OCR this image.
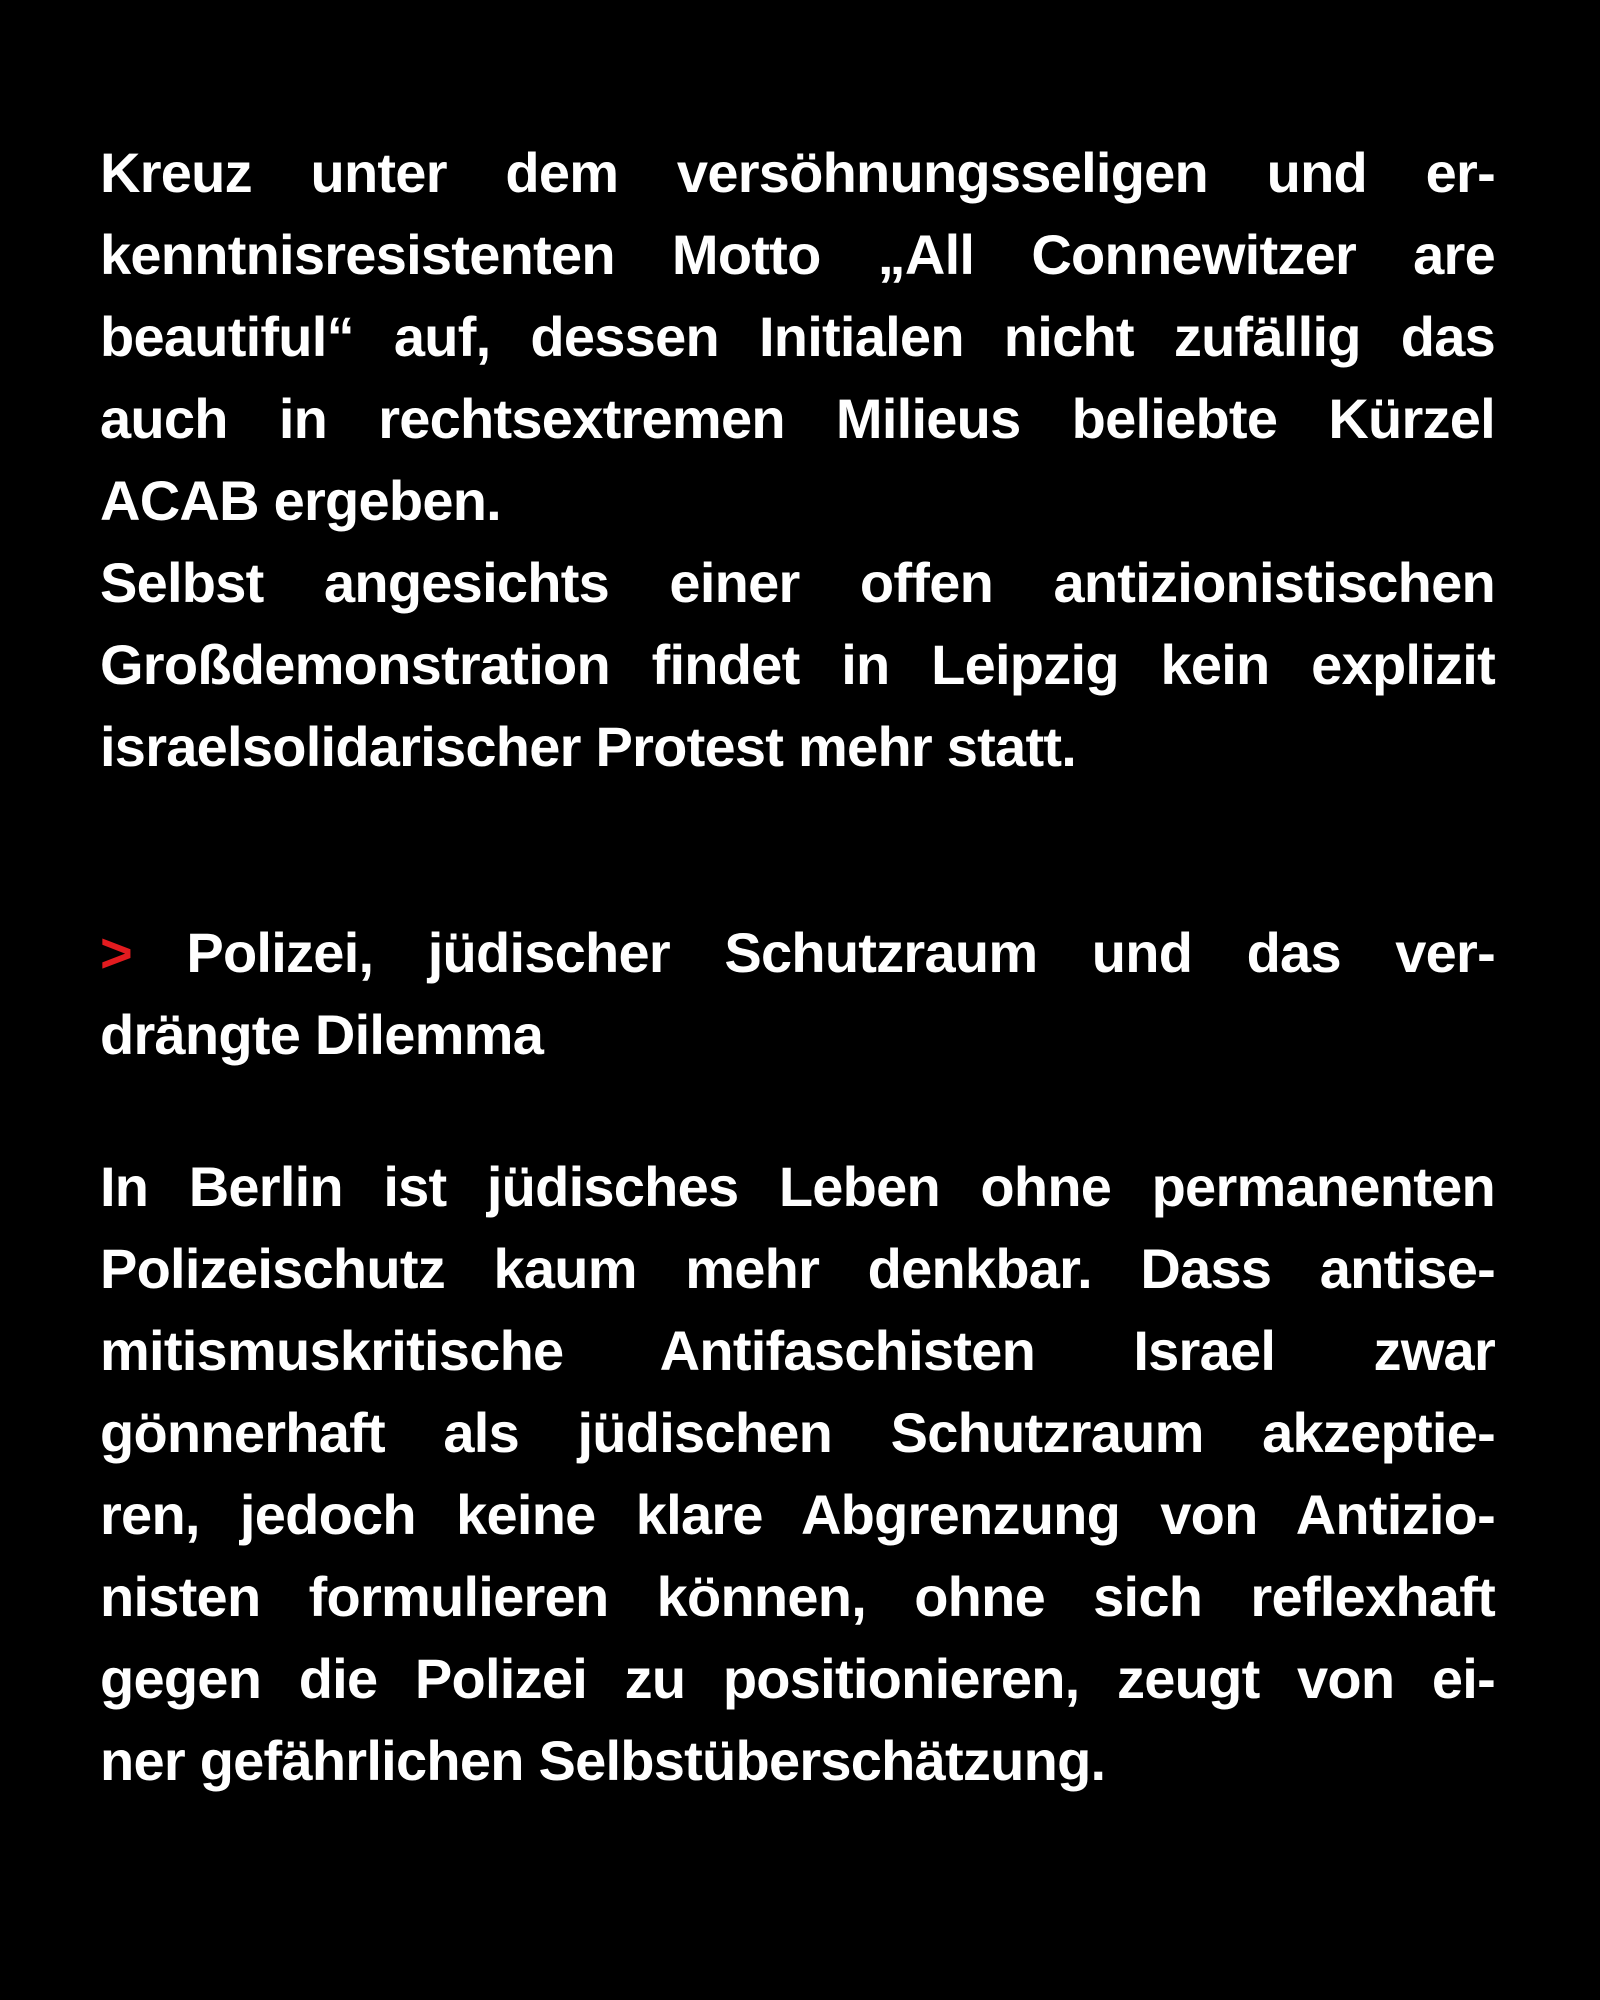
Kreuz unter dem versöhnungsseligen und er-
kenntnisresistenten Motto „All Connewitzer are
beautiful“ auf, dessen Initialen nicht zufällig das
auch in rechtsextremen Milieus beliebte Kürzel
ACAB ergeben.
Selbst angesichts einer offen antizionistischen
Großdemonstration findet in Leipzig kein explizit
israelsolidarischer Protest mehr statt.
> Polizei, jüdischer Schutzraum und das ver-
drängte Dilemma
In Berlin ist jüdisches Leben ohne permanenten
Polizeischutz kaum mehr denkbar. Dass antise-
mitismuskritische Antifaschisten Israel zwar
gönnerhaft als jüdischen Schutzraum akzeptie-
ren, jedoch keine klare Abgrenzung von Antizio-
nisten formulieren können, ohne sich reflexhaft
gegen die Polizei zu positionieren, zeugt von ei-
ner gefährlichen Selbstüberschätzung.
